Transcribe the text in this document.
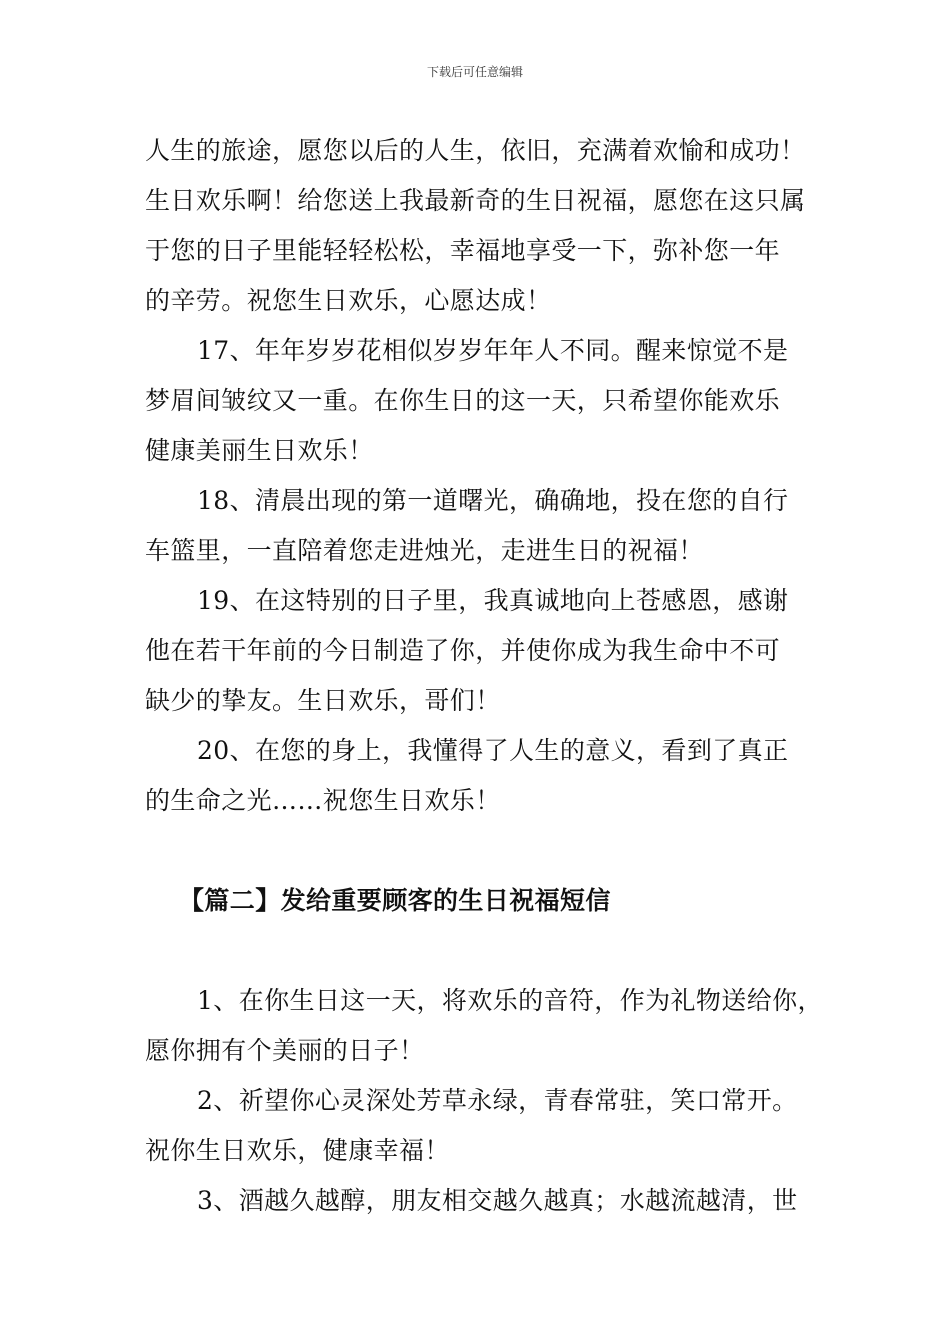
下载后可任意编辑
人生的旅途，愿您以后的人生，依旧，充满着欢愉和成功！
生日欢乐啊！给您送上我最新奇的生日祝福，愿您在这只属
于您的日子里能轻轻松松，幸福地享受一下，弥补您一年
的辛劳。祝您生日欢乐，心愿达成！
17、年年岁岁花相似岁岁年年人不同。醒来惊觉不是
梦眉间皱纹又一重。在你生日的这一天，只希望你能欢乐
健康美丽生日欢乐！
18、清晨出现的第一道曙光，确确地，投在您的自行
车篮里，一直陪着您走进烛光，走进生日的祝福！
19、在这特别的日子里，我真诚地向上苍感恩，感谢
他在若干年前的今日制造了你，并使你成为我生命中不可
缺少的挚友。生日欢乐，哥们！
20、在您的身上，我懂得了人生的意义，看到了真正
的生命之光……祝您生日欢乐！
【篇二】发给重要顾客的生日祝福短信
1、在你生日这一天，将欢乐的音符，作为礼物送给你，
愿你拥有个美丽的日子！
2、祈望你心灵深处芳草永绿，青春常驻，笑口常开。
祝你生日欢乐，健康幸福！
3、酒越久越醇，朋友相交越久越真；水越流越清，世
